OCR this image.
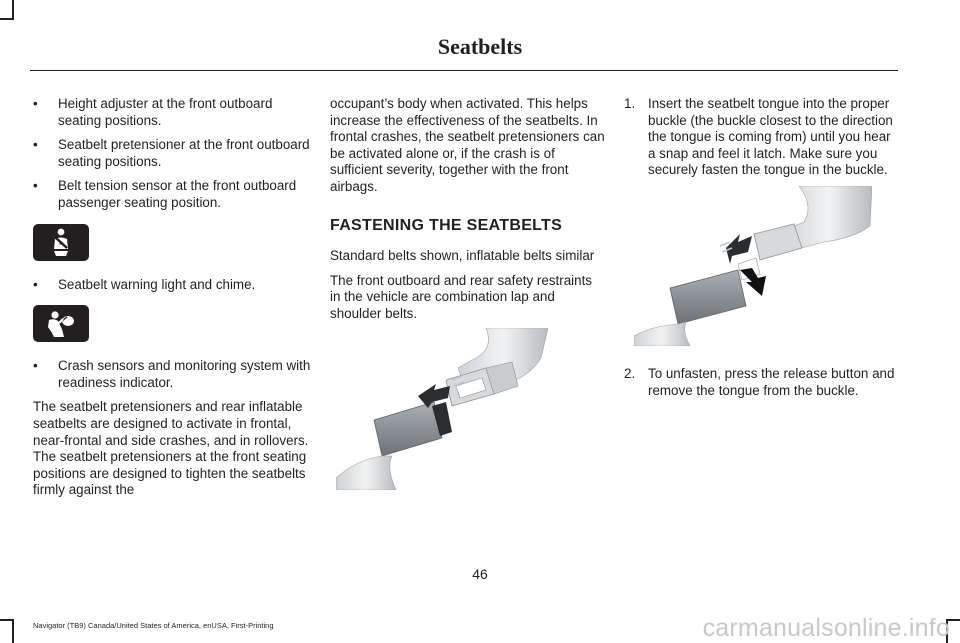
Seatbelts
• Height adjuster at the front outboard seating positions.
• Seatbelt pretensioner at the front outboard seating positions.
• Belt tension sensor at the front outboard passenger seating position.
• Seatbelt warning light and chime.
• Crash sensors and monitoring system with readiness indicator.

The seatbelt pretensioners and rear inflatable seatbelts are designed to activate in frontal, near-frontal and side crashes, and in rollovers. The seatbelt pretensioners at the front seating positions are designed to tighten the seatbelts firmly against the

occupant’s body when activated. This helps increase the effectiveness of the seatbelts. In frontal crashes, the seatbelt pretensioners can be activated alone or, if the crash is of sufficient severity, together with the front airbags.

FASTENING THE SEATBELTS

Standard belts shown, inflatable belts similar

The front outboard and rear safety restraints in the vehicle are combination lap and shoulder belts.

1. Insert the seatbelt tongue into the proper buckle (the buckle closest to the direction the tongue is coming from) until you hear a snap and feel it latch. Make sure you securely fasten the tongue in the buckle.
2. To unfasten, press the release button and remove the tongue from the buckle.
46
Navigator (TB9) Canada/United States of America, enUSA, First-Printing	carmanualsonline.info
